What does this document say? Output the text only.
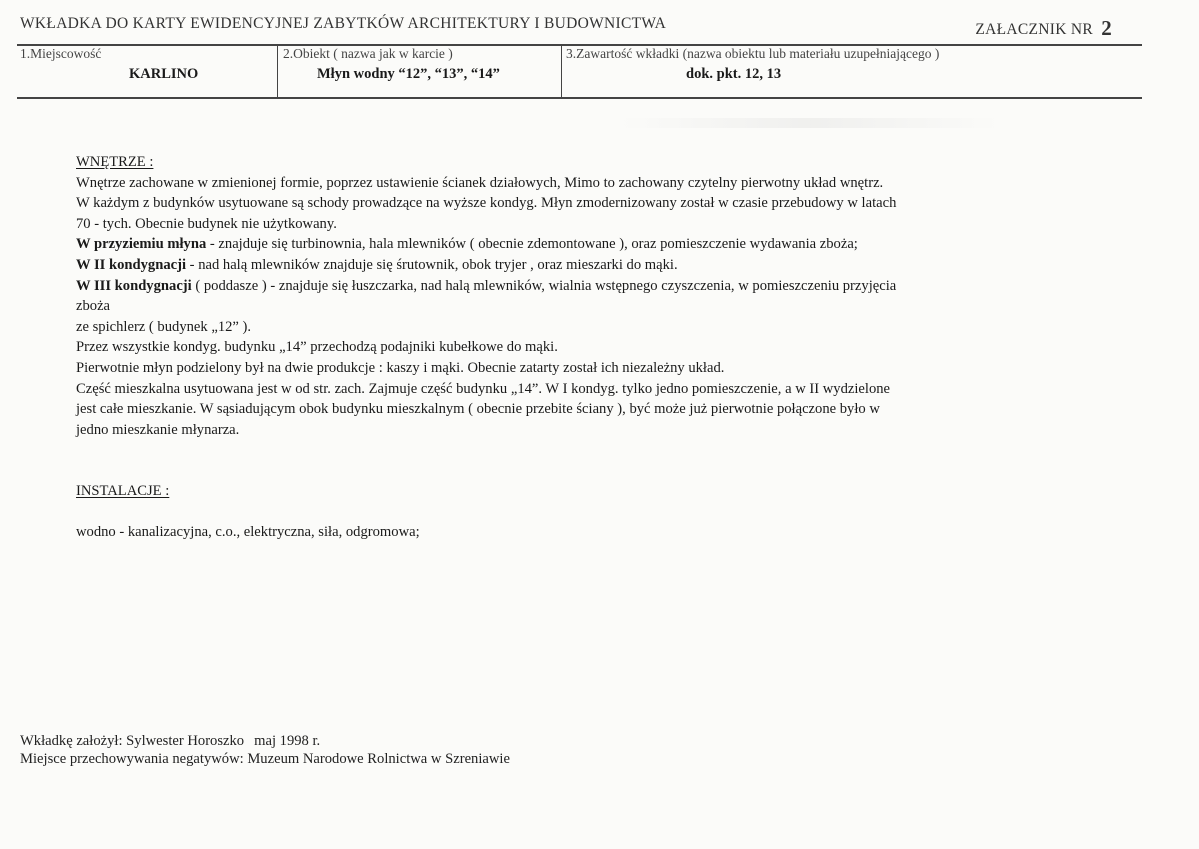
WKŁADKA DO KARTY EWIDENCYJNEJ ZABYTKÓW ARCHITEKTURY I BUDOWNICTWA	ZAŁACZNIK NR 2
1.Miejscowość
KARLINO
2.Obiekt ( nazwa jak w karcie )
Młyn wodny “12”, “13”, “14”
3.Zawartość wkładki (nazwa obiektu lub materiału uzupełniającego )
dok. pkt. 12, 13

WNĘTRZE :

Wnętrze zachowane w zmienionej formie, poprzez ustawienie ścianek działowych, Mimo to zachowany czytelny pierwotny układ wnętrz.

W każdym z budynków usytuowane są schody prowadzące na wyższe kondyg. Młyn zmodernizowany został w czasie przebudowy w latach

70 - tych. Obecnie budynek nie użytkowany.

W przyziemiu młyna - znajduje się turbinownia, hala mlewników ( obecnie zdemontowane ), oraz pomieszczenie wydawania zboża;

W II kondygnacji - nad halą mlewników znajduje się śrutownik, obok tryjer , oraz mieszarki do mąki.

W III kondygnacji ( poddasze ) - znajduje się łuszczarka, nad halą mlewników, wialnia wstępnego czyszczenia, w pomieszczeniu przyjęcia

zboża

ze spichlerz ( budynek „12” ).

Przez wszystkie kondyg. budynku „14” przechodzą podajniki kubełkowe do mąki.

Pierwotnie młyn podzielony był na dwie produkcje : kaszy i mąki. Obecnie zatarty został ich niezależny układ.

Część mieszkalna usytuowana jest w od str. zach. Zajmuje część budynku „14”. W I kondyg. tylko jedno pomieszczenie, a w II wydzielone

jest całe mieszkanie. W sąsiadującym obok budynku mieszkalnym ( obecnie przebite ściany ), być może już pierwotnie połączone było w

jedno mieszkanie młynarza.

INSTALACJE :

wodno - kanalizacyjna, c.o., elektryczna, siła, odgromowa;

Wkładkę założył: Sylwester Horoszko maj 1998 r.
Miejsce przechowywania negatywów: Muzeum Narodowe Rolnictwa w Szreniawie
